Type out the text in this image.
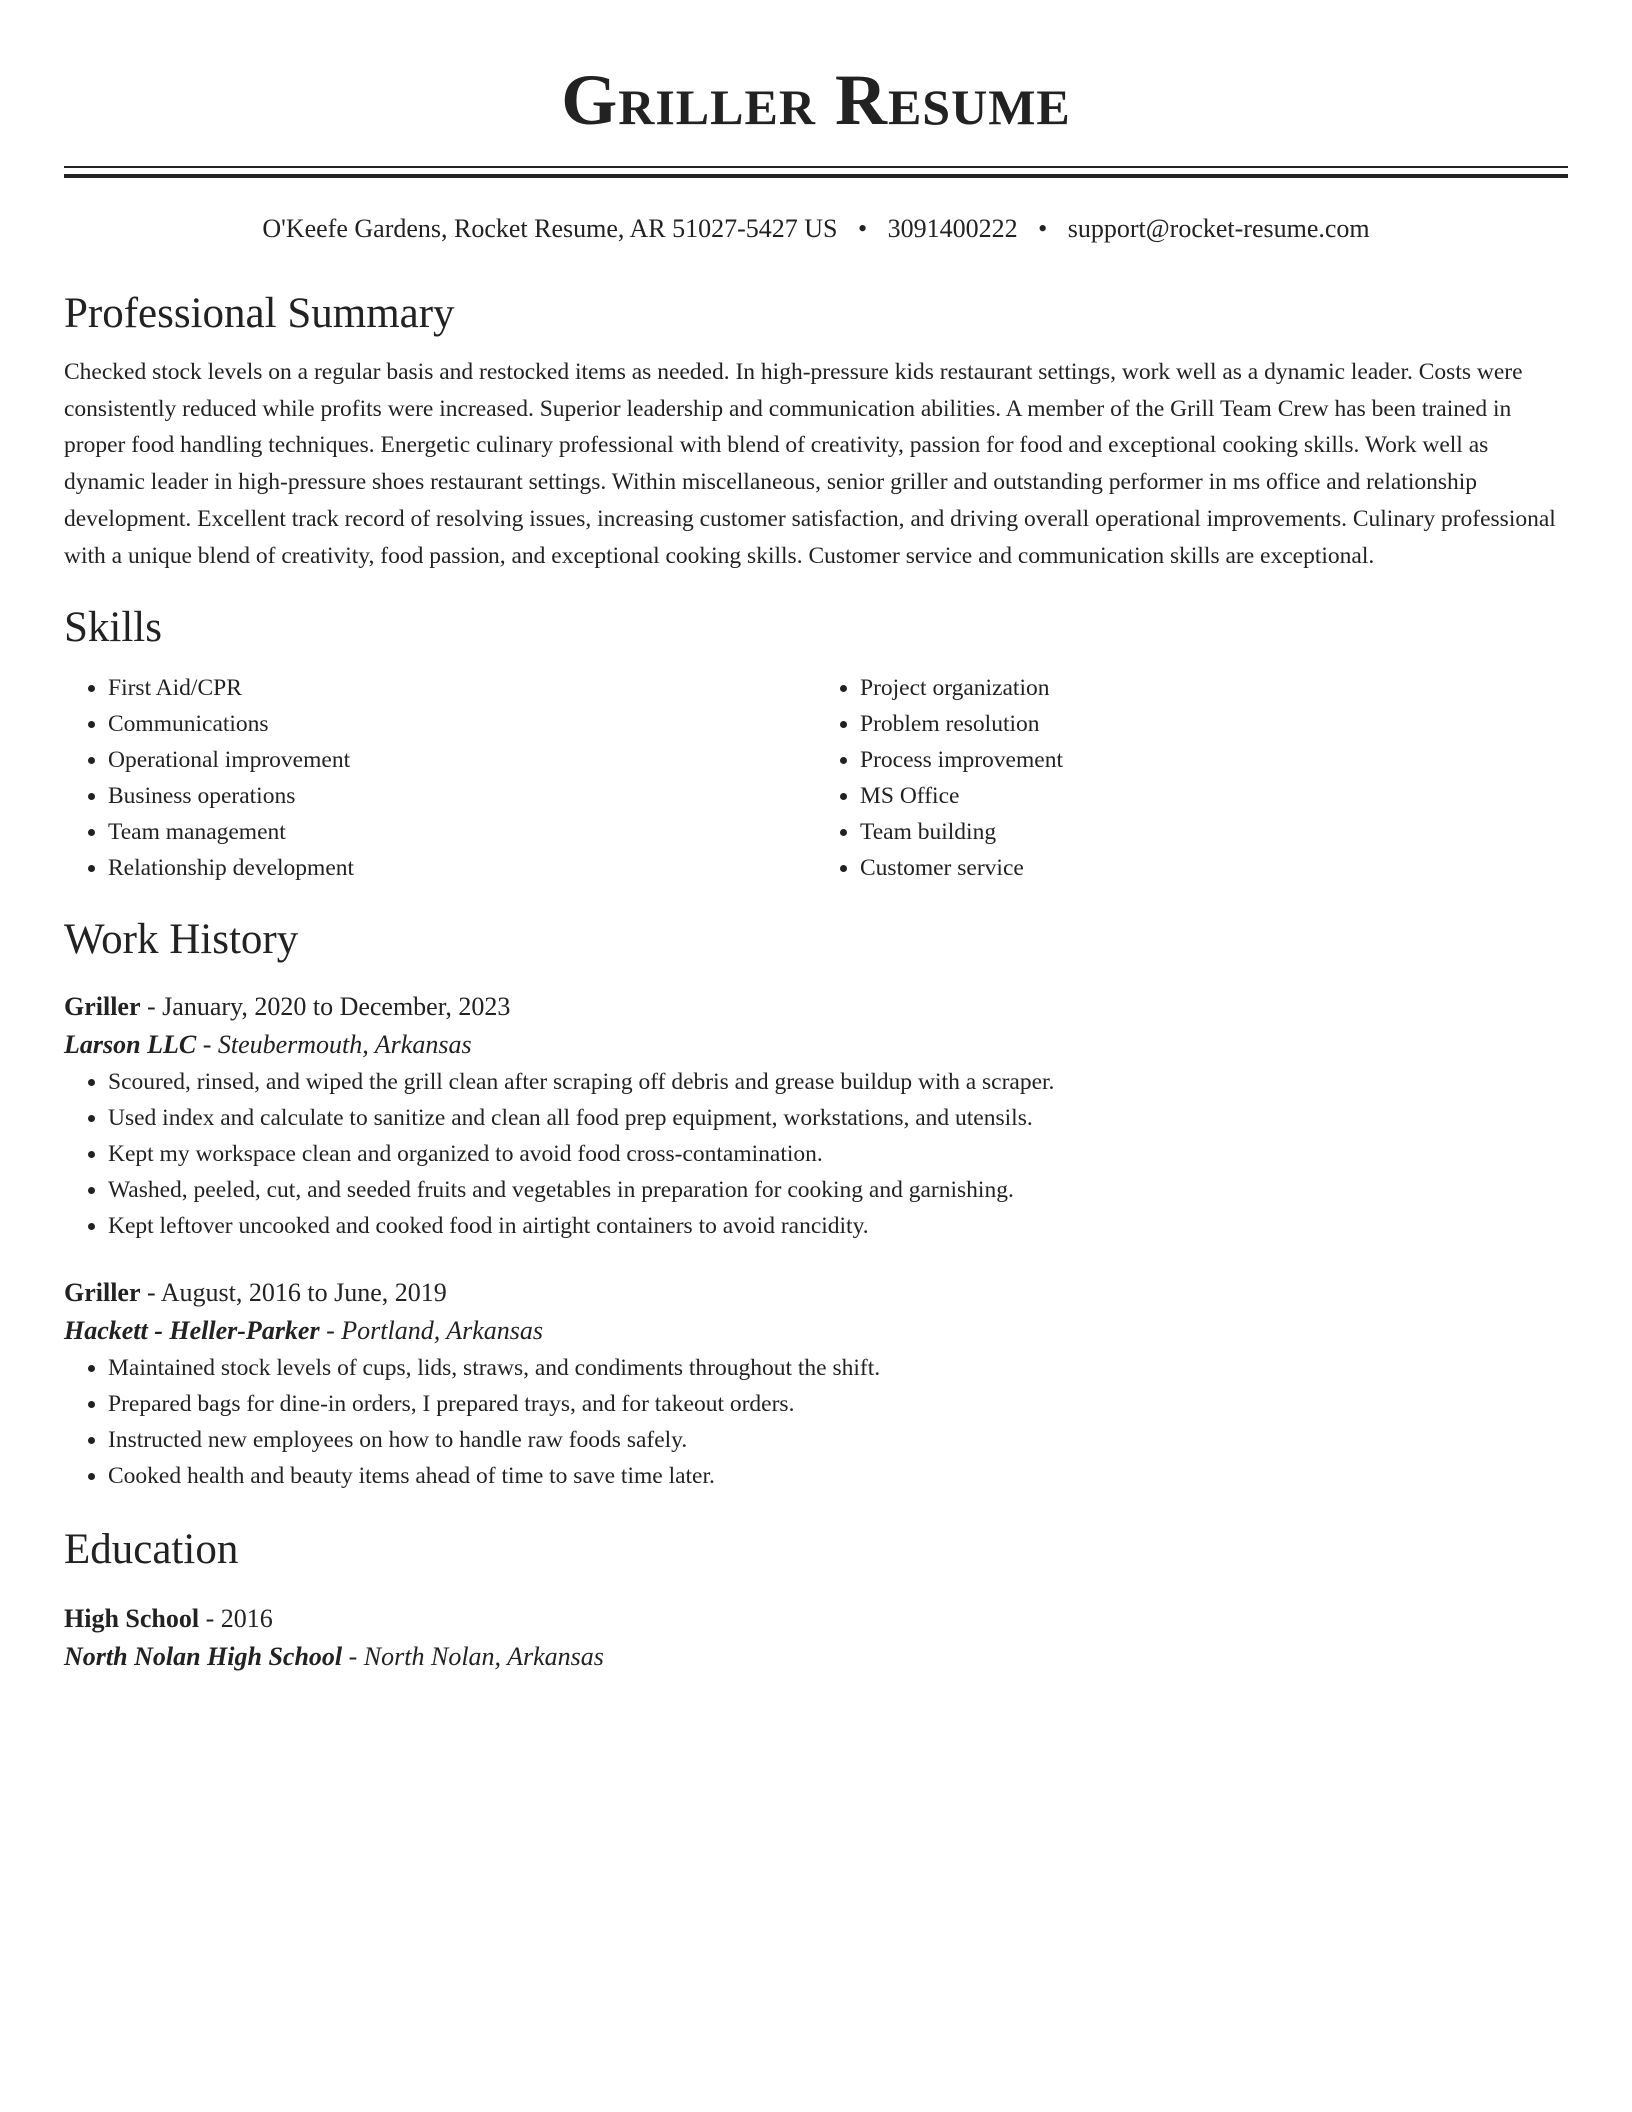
Griller Resume
O'Keefe Gardens, Rocket Resume, AR 51027-5427 US • 3091400222 • support@rocket-resume.com
Professional Summary

Checked stock levels on a regular basis and restocked items as needed. In high-pressure kids restaurant settings, work well as a dynamic leader. Costs were consistently reduced while profits were increased. Superior leadership and communication abilities. A member of the Grill Team Crew has been trained in proper food handling techniques. Energetic culinary professional with blend of creativity, passion for food and exceptional cooking skills. Work well as dynamic leader in high-pressure shoes restaurant settings. Within miscellaneous, senior griller and outstanding performer in ms office and relationship development. Excellent track record of resolving issues, increasing customer satisfaction, and driving overall operational improvements. Culinary professional with a unique blend of creativity, food passion, and exceptional cooking skills. Customer service and communication skills are exceptional.

Skills
• First Aid/CPR
• Communications
• Operational improvement
• Business operations
• Team management
• Relationship development
• Project organization
• Problem resolution
• Process improvement
• MS Office
• Team building
• Customer service
Work History
Griller - January, 2020 to December, 2023
Larson LLC - Steubermouth, Arkansas
• Scoured, rinsed, and wiped the grill clean after scraping off debris and grease buildup with a scraper.
• Used index and calculate to sanitize and clean all food prep equipment, workstations, and utensils.
• Kept my workspace clean and organized to avoid food cross-contamination.
• Washed, peeled, cut, and seeded fruits and vegetables in preparation for cooking and garnishing.
• Kept leftover uncooked and cooked food in airtight containers to avoid rancidity.
Griller - August, 2016 to June, 2019
Hackett - Heller-Parker - Portland, Arkansas
• Maintained stock levels of cups, lids, straws, and condiments throughout the shift.
• Prepared bags for dine-in orders, I prepared trays, and for takeout orders.
• Instructed new employees on how to handle raw foods safely.
• Cooked health and beauty items ahead of time to save time later.
Education
High School - 2016
North Nolan High School - North Nolan, Arkansas
